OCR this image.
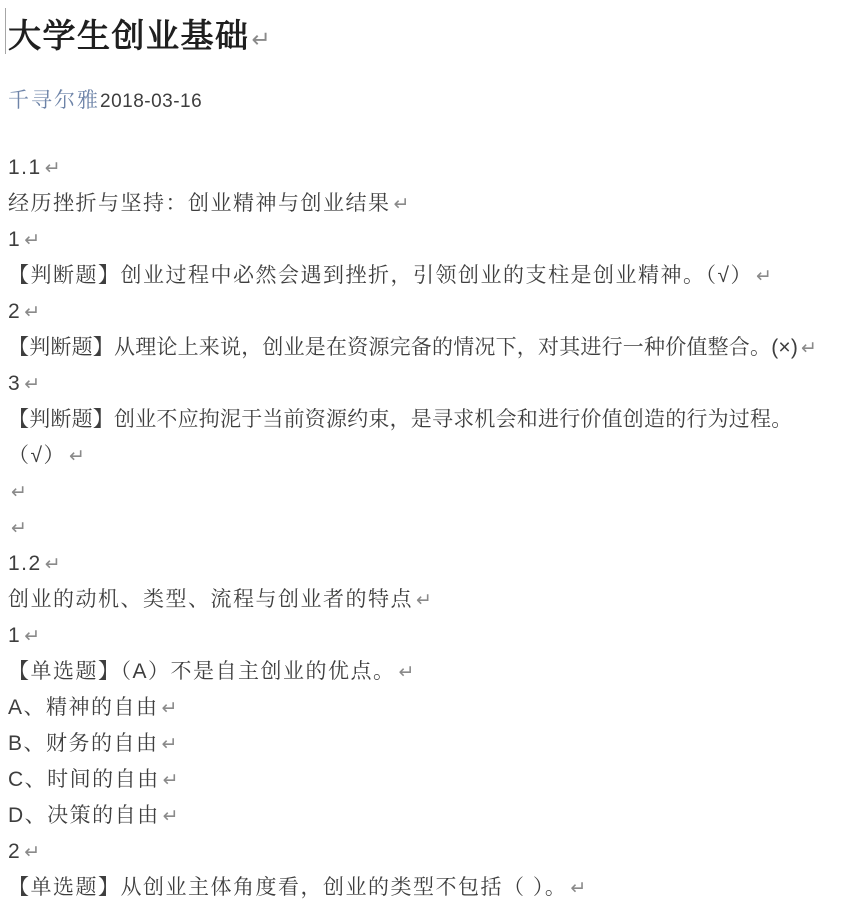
大学生创业基础↵
千寻尔雅2018-03-16
1.1 ↵
经历挫折与坚持：创业精神与创业结果 ↵
1 ↵
【判断题】创业过程中必然会遇到挫折，引领创业的支柱是创业精神。（√） ↵
2 ↵
【判断题】从理论上来说，创业是在资源完备的情况下，对其进行一种价值整合。(×) ↵
3 ↵
【判断题】创业不应拘泥于当前资源约束，是寻求机会和进行价值创造的行为过程。
（√） ↵
↵
↵
1.2 ↵
创业的动机、类型、流程与创业者的特点 ↵
1 ↵
【单选题】（A）不是自主创业的优点。 ↵
A、精神的自由 ↵
B、财务的自由 ↵
C、时间的自由 ↵
D、决策的自由 ↵
2 ↵
【单选题】从创业主体角度看，创业的类型不包括（ ）。 ↵
